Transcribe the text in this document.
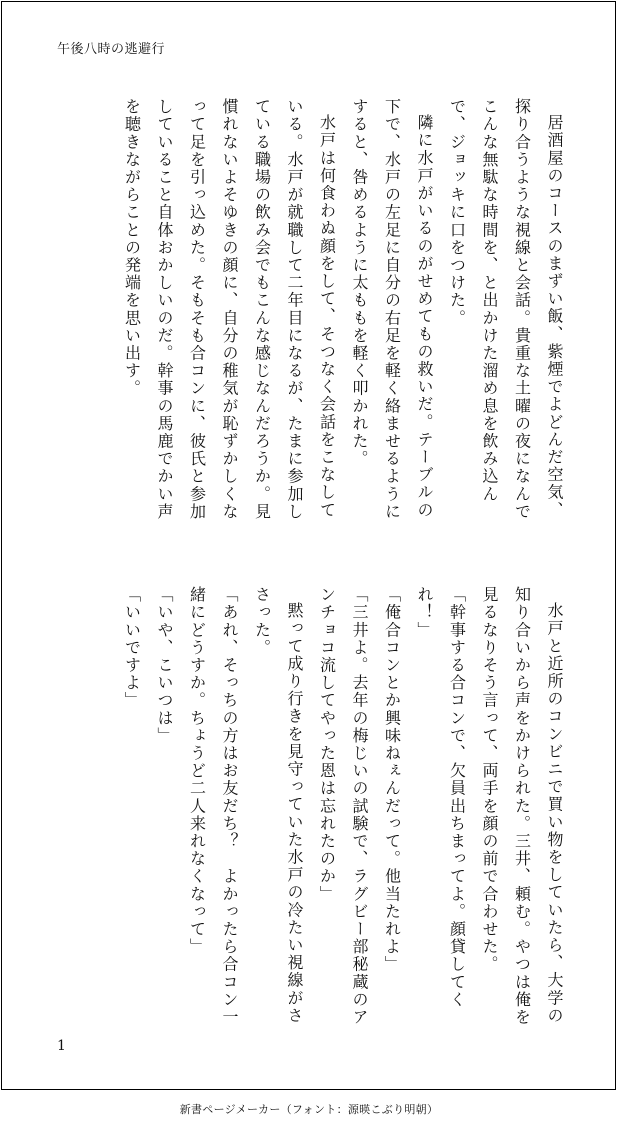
午後八時の逃避行

居酒屋のコースのまずい飯、紫煙でよどんだ空気、探り合うような視線と会話。貴重な土曜の夜になんでこんな無駄な時間を、と出かけた溜め息を飲み込んで、ジョッキに口をつけた。

隣に水戸がいるのがせめてもの救いだ。テーブルの下で、水戸の左足に自分の右足を軽く絡ませるようにすると、咎めるように太ももを軽く叩かれた。

水戸は何食わぬ顔をして、そつなく会話をこなしている。水戸が就職して二年目になるが、たまに参加している職場の飲み会でもこんな感じなんだろうか。見慣れないよそゆきの顔に、自分の稚気が恥ずかしくなって足を引っ込めた。そもそも合コンに、彼氏と参加していること自体おかしいのだ。幹事の馬鹿でかい声を聴きながらことの発端を思い出す。

水戸と近所のコンビニで買い物をしていたら、大学の知り合いから声をかけられた。三井、頼む。やつは俺を見るなりそう言って、両手を顔の前で合わせた。

「幹事する合コンで、欠員出ちまってよ。顔貸してくれ！」

「俺合コンとか興味ねぇんだって。他当たれよ」

「三井よ。去年の梅じいの試験で、ラグビー部秘蔵のアンチョコ流してやった恩は忘れたのか」

黙って成り行きを見守っていた水戸の冷たい視線がささった。

「あれ、そっちの方はお友だち？　よかったら合コン一緒にどうすか。ちょうど二人来れなくなって」

「いや、こいつは」

「いいですよ」

1
新書ページメーカー（フォント：源暎こぶり明朝）
